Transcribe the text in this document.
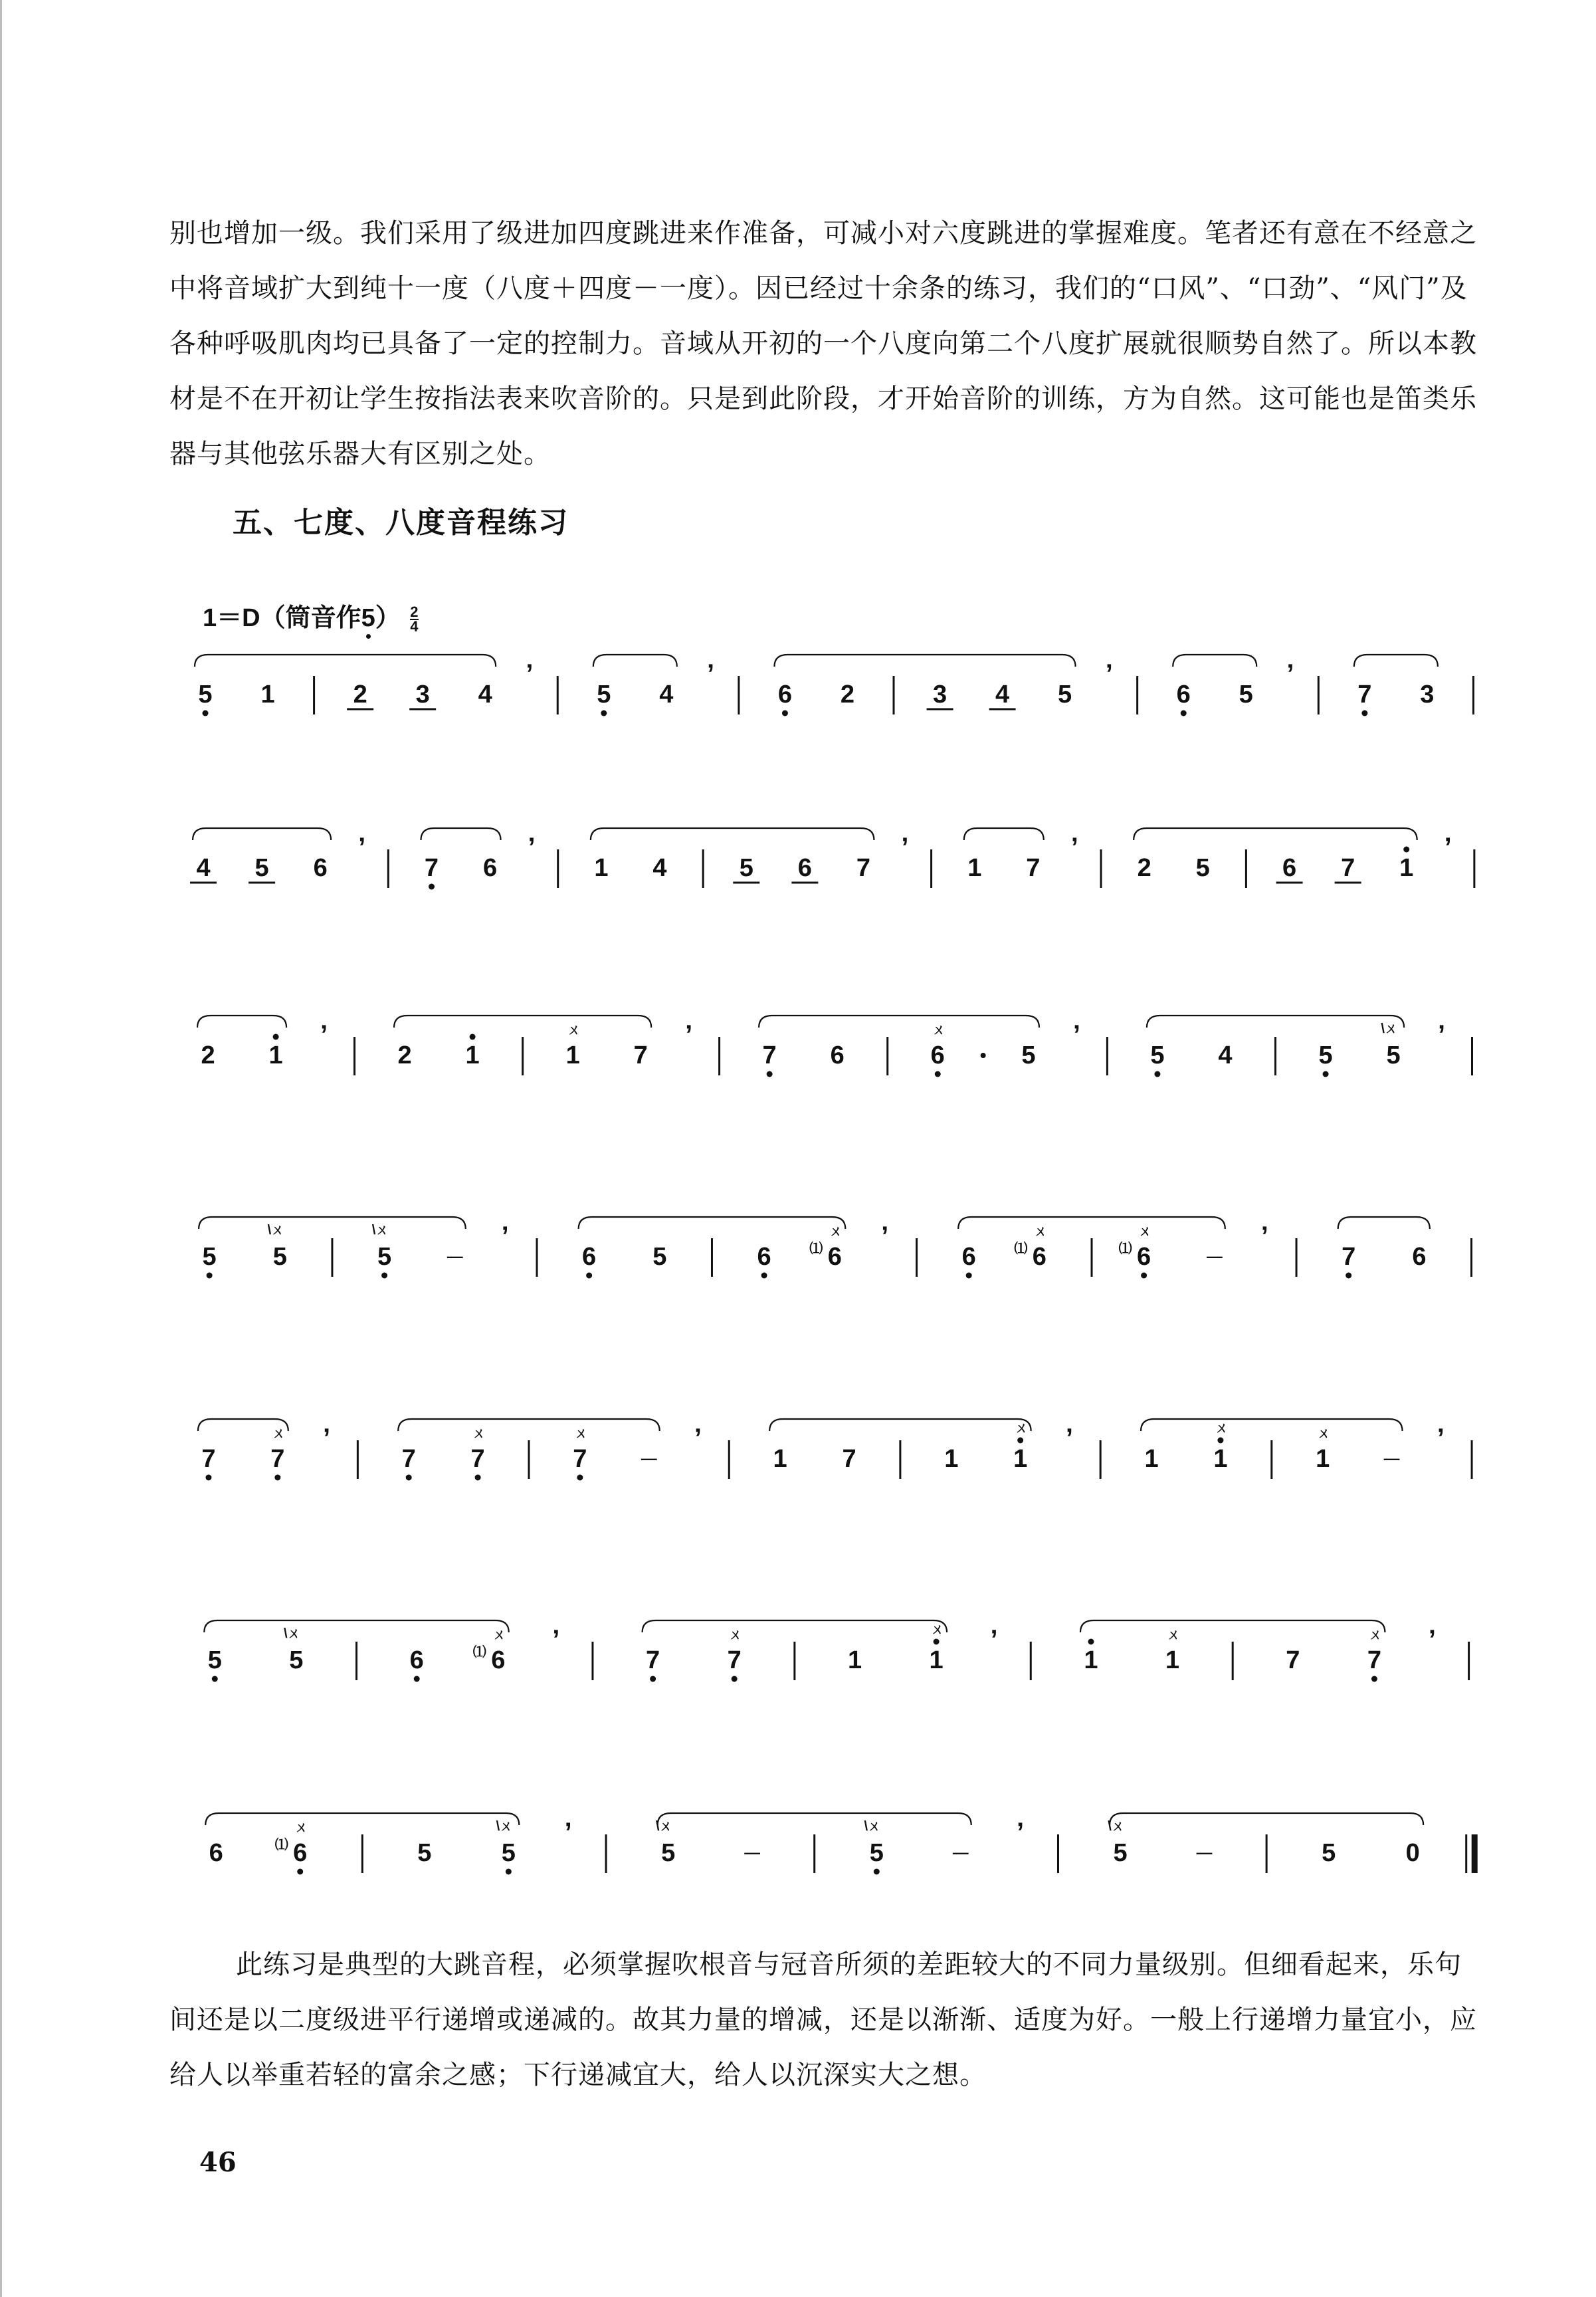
别也增加一级。我们采用了级进加四度跳进来作准备，可减小对六度跳进的掌握难度。笔者还有意在不经意之中将音域扩大到纯十一度（八度＋四度－一度）。因已经过十余条的练习，我们的“口风”、“口劲”、“风门”及各种呼吸肌肉均已具备了一定的控制力。音域从开初的一个八度向第二个八度扩展就很顺势自然了。所以本教材是不在开初让学生按指法表来吹音阶的。只是到此阶段，才开始音阶的训练，方为自然。这可能也是笛类乐器与其他弦乐器大有区别之处。

五、七度、八度音程练习
1＝D（筒音作5
） $\frac{2}{4}$
5 1	2 3 4
’
5 4
’
6 2	3 4 5
’
6 5
’
7 3
4 5 6
’
7 6
’
1 4	5 6 7
’
1 7
’
2 5	6 7 1
’
2 1
’
2 1	1
ㄨ
7
’
7 6	6
ㄨ
5
’
5 4	5 5
\ㄨ ’
5 5
\ㄨ
5
\ㄨ
－
’
6 5	6 6
ㄨ
⑴ ’
6 6
ㄨ
⑴	6
ㄨ
⑴	－
’
7 6
7 7
ㄨ ’
7 7
ㄨ
7
ㄨ
－
’
1 7	1 1
ㄨ ’
1 1
ㄨ
1
ㄨ
－
’
5	5
\ㄨ
6	6
ㄨ
⑴ ’
7	7
ㄨ
1	1
ㄨ ’
1	1
ㄨ
7	7
ㄨ ’
6	6
ㄨ
⑴	5	5
\ㄨ ’
5
\ㄨ
－	5
\ㄨ
－
’
5
\ㄨ
－	5	0

此练习是典型的大跳音程，必须掌握吹根音与冠音所须的差距较大的不同力量级别。但细看起来，乐句间还是以二度级进平行递增或递减的。故其力量的增减，还是以渐渐、适度为好。一般上行递增力量宜小，应给人以举重若轻的富余之感；下行递减宜大，给人以沉深实大之想。

46
